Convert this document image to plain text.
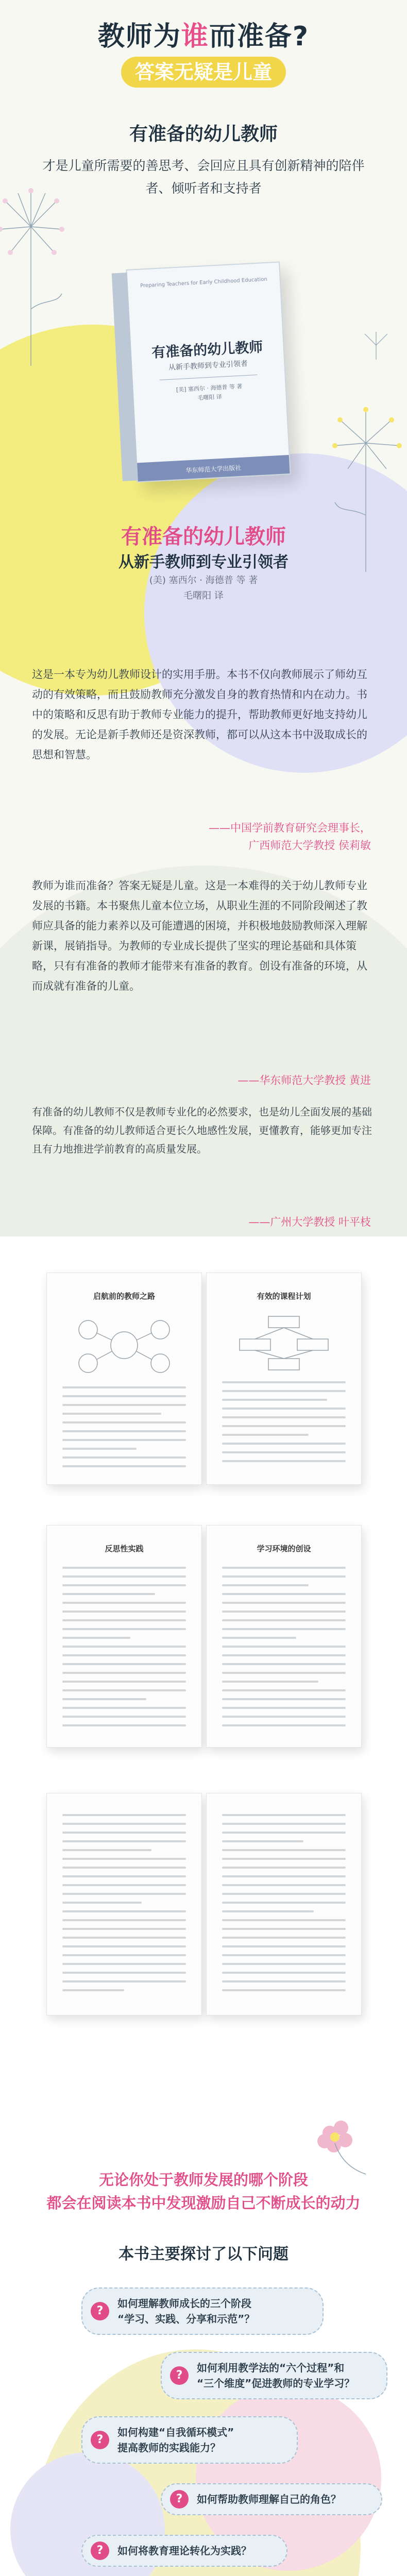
教师为谁而准备?
答案无疑是儿童
有准备的幼儿教师
才是儿童所需要的善思考、会回应且具有创新精神的陪伴者、倾听者和支持者
Preparing Teachers for Early Childhood Education
有准备的幼儿教师
从新手教师到专业引领者
[美] 塞西尔 · 海德普 等 著
毛曙阳 译
华东师范大学出版社
有准备的幼儿教师
从新手教师到专业引领者
(美) 塞西尔 · 海德普 等 著
毛曙阳 译
这是一本专为幼儿教师设计的实用手册。本书不仅向教师展示了师幼互动的有效策略，而且鼓励教师充分激发自身的教育热情和内在动力。书中的策略和反思有助于教师专业能力的提升，帮助教师更好地支持幼儿的发展。无论是新手教师还是资深教师，都可以从这本书中汲取成长的思想和智慧。
——中国学前教育研究会理事长，
广西师范大学教授 侯莉敏
教师为谁而准备？答案无疑是儿童。这是一本难得的关于幼儿教师专业发展的书籍。本书聚焦儿童本位立场，从职业生涯的不同阶段阐述了教师应具备的能力素养以及可能遭遇的困境，并积极地鼓励教师深入理解新课，展销指导。为教师的专业成长提供了坚实的理论基础和具体策略，只有有准备的教师才能带来有准备的教育。创设有准备的环境，从而成就有准备的儿童。
——华东师范大学教授 黄进
有准备的幼儿教师不仅是教师专业化的必然要求，也是幼儿全面发展的基础保障。有准备的幼儿教师适合更长久地感性发展，更懂教育，能够更加专注且有力地推进学前教育的高质量发展。
——广州大学教授 叶平枝
启航前的教师之路	有效的课程计划
反思性实践	学习环境的创设
无论你处于教师发展的哪个阶段
都会在阅读本书中发现激励自己不断成长的动力
本书主要探讨了以下问题
?
如何理解教师成长的三个阶段
“学习、实践、分享和示范”？
?
如何利用教学法的“六个过程”和
“三个维度”促进教师的专业学习？
?
如何构建“自我循环模式”
提高教师的实践能力？
?	如何帮助教师理解自己的角色？
?	如何将教育理论转化为实践？
